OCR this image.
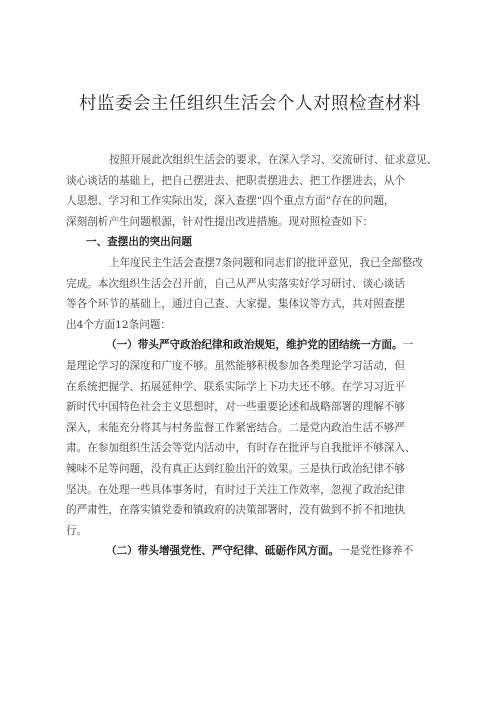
村监委会主任组织生活会个人对照检查材料
按照开展此次组织生活会的要求，在深入学习、交流研讨、征求意见、
谈心谈话的基础上，把自己摆进去、把职责摆进去、把工作摆进去，从个
人思想、学习和工作实际出发，深入查摆“四个重点方面”存在的问题，
深刻剖析产生问题根源，针对性提出改进措施。现对照检查如下：
一、查摆出的突出问题
上年度民主生活会查摆7条问题和同志们的批评意见，我已全部整改
完成。本次组织生活会召开前，自己从严从实落实好学习研讨、谈心谈话
等各个环节的基础上，通过自己查、大家提、集体议等方式，共对照查摆
出4个方面12条问题：
（一）带头严守政治纪律和政治规矩，维护党的团结统一方面。一
是理论学习的深度和广度不够。虽然能够积极参加各类理论学习活动，但
在系统把握学、拓展延伸学、联系实际学上下功夫还不够。在学习习近平
新时代中国特色社会主义思想时，对一些重要论述和战略部署的理解不够
深入，未能充分将其与村务监督工作紧密结合。二是党内政治生活不够严
肃。在参加组织生活会等党内活动中，有时存在批评与自我批评不够深入、
辣味不足等问题，没有真正达到红脸出汗的效果。三是执行政治纪律不够
坚决。在处理一些具体事务时，有时过于关注工作效率，忽视了政治纪律
的严肃性，在落实镇党委和镇政府的决策部署时，没有做到不折不扣地执
行。
（二）带头增强党性、严守纪律、砥砺作风方面。一是党性修养不
